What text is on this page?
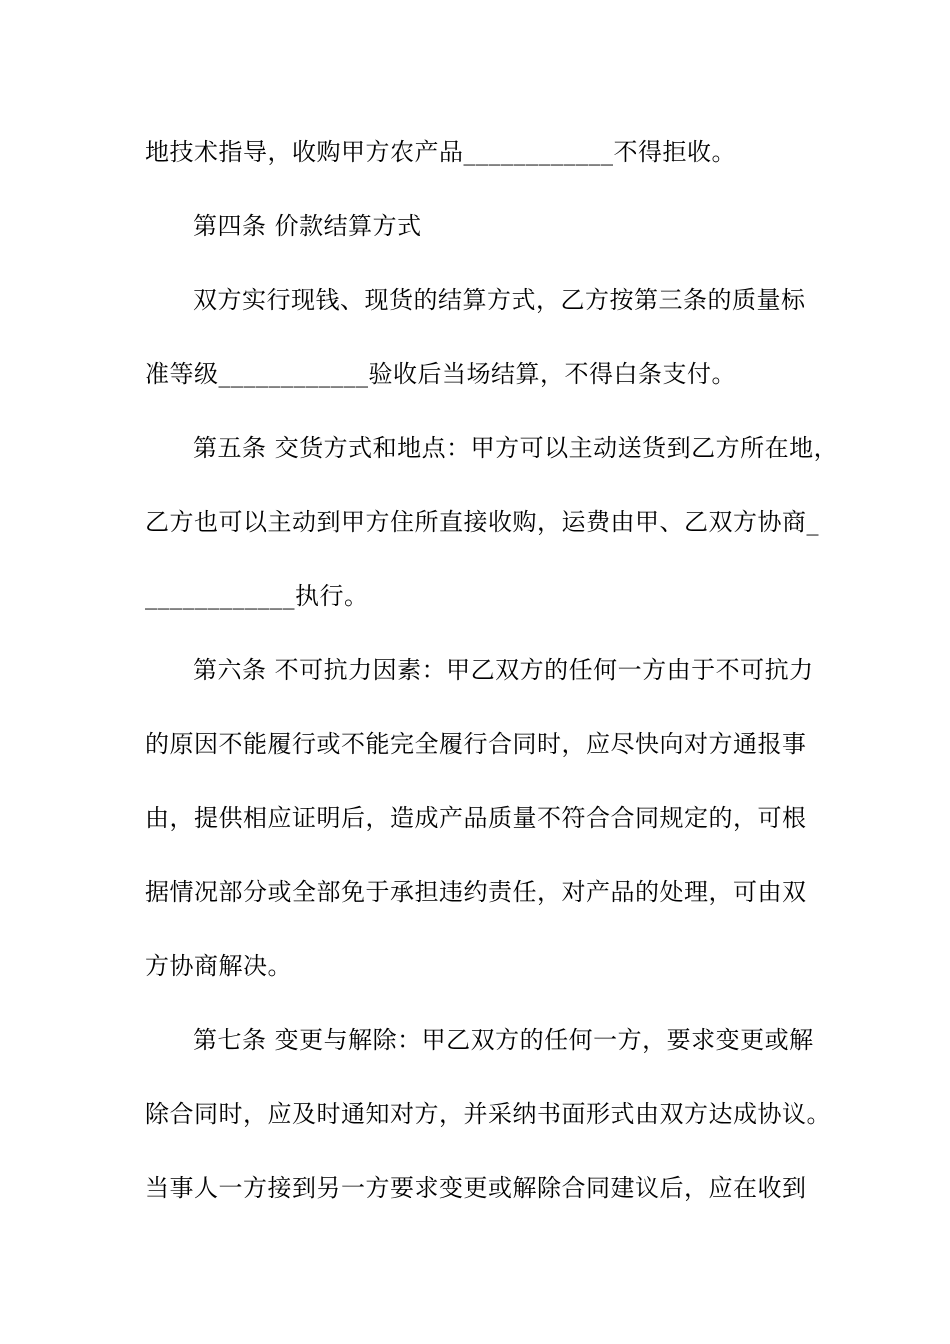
地技术指导，收购甲方农产品____________不得拒收。
第四条 价款结算方式
双方实行现钱、现货的结算方式，乙方按第三条的质量标
准等级____________验收后当场结算，不得白条支付。
第五条 交货方式和地点：甲方可以主动送货到乙方所在地，
乙方也可以主动到甲方住所直接收购，运费由甲、乙双方协商_
____________执行。
第六条 不可抗力因素：甲乙双方的任何一方由于不可抗力
的原因不能履行或不能完全履行合同时，应尽快向对方通报事
由，提供相应证明后，造成产品质量不符合合同规定的，可根
据情况部分或全部免于承担违约责任，对产品的处理，可由双
方协商解决。
第七条 变更与解除：甲乙双方的任何一方，要求变更或解
除合同时，应及时通知对方，并采纳书面形式由双方达成协议。
当事人一方接到另一方要求变更或解除合同建议后，应在收到
